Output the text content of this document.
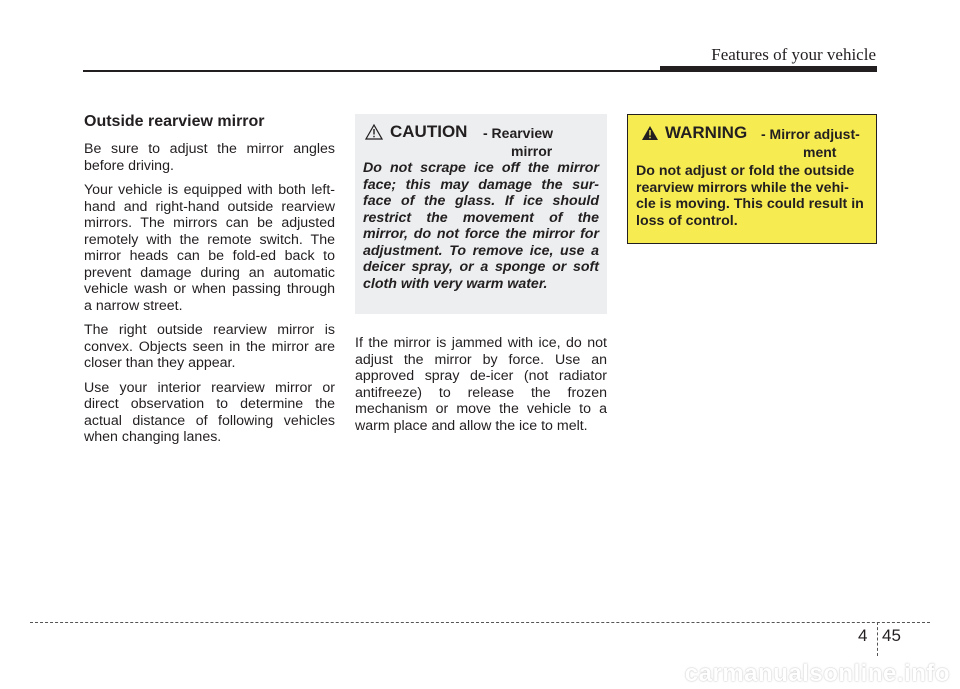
Features of your vehicle
Outside rearview mirror

Be sure to adjust the mirror angles before driving.

Your vehicle is equipped with both left-hand and right-hand outside rearview mirrors. The mirrors can be adjusted remotely with the remote switch. The mirror heads can be fold-ed back to prevent damage during an automatic vehicle wash or when passing through a narrow street.

The right outside rearview mirror is convex. Objects seen in the mirror are closer than they appear.

Use your interior rearview mirror or direct observation to determine the actual distance of following vehicles when changing lanes.

CAUTION - Rearview
mirror
Do not scrape ice off the mirror face; this may damage the sur-face of the glass. If ice should restrict the movement of the mirror, do not force the mirror for adjustment. To remove ice, use a deicer spray, or a sponge or soft cloth with very warm water.

If the mirror is jammed with ice, do not adjust the mirror by force. Use an approved spray de-icer (not radiator antifreeze) to release the frozen mechanism or move the vehicle to a warm place and allow the ice to melt.

WARNING - Mirror adjust-
ment
Do not adjust or fold the outside rearview mirrors while the vehi-cle is moving. This could result in loss of control.
4 45
carmanualsonline.info
